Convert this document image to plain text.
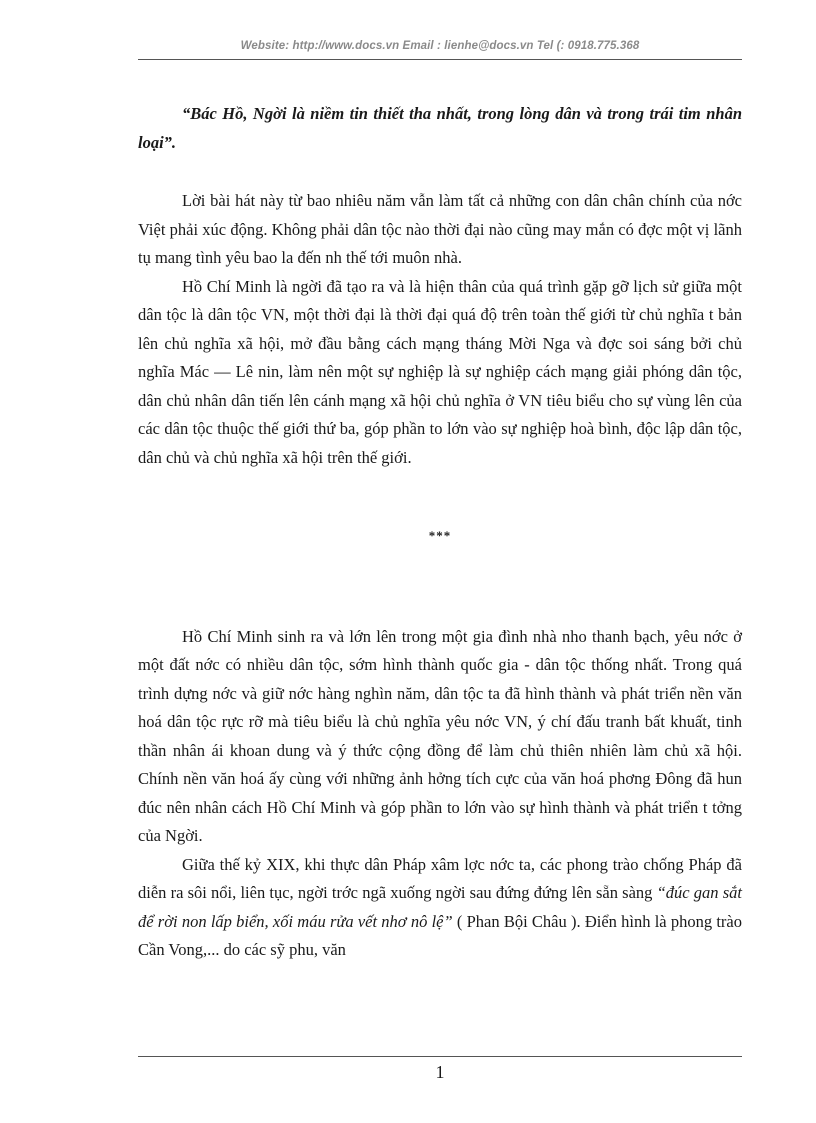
Website: http://www.docs.vn Email : lienhe@docs.vn Tel (: 0918.775.368

“Bác Hồ, Ngời là niềm tin thiết tha nhất, trong lòng dân và trong trái tim nhân loại”.

Lời bài hát này từ bao nhiêu năm vẫn làm tất cả những con dân chân chính của nớc Việt phải xúc động. Không phải dân tộc nào thời đại nào cũng may mắn có đợc một vị lãnh tụ mang tình yêu bao la đến nh thế tới muôn nhà.

Hồ Chí Minh là ngời đã tạo ra và là hiện thân của quá trình gặp gỡ lịch sử giữa một dân tộc là dân tộc VN, một thời đại là thời đại quá độ trên toàn thế giới từ chủ nghĩa t bản lên chủ nghĩa xã hội, mở đầu bằng cách mạng tháng Mời Nga và đợc soi sáng bởi chủ nghĩa Mác — Lê nin, làm nên một sự nghiệp là sự nghiệp cách mạng giải phóng dân tộc, dân chủ nhân dân tiến lên cánh mạng xã hội chủ nghĩa ở VN tiêu biểu cho sự vùng lên của các dân tộc thuộc thế giới thứ ba, góp phần to lớn vào sự nghiệp hoà bình, độc lập dân tộc, dân chủ và chủ nghĩa xã hội trên thế giới.

***

Hồ Chí Minh sinh ra và lớn lên trong một gia đình nhà nho thanh bạch, yêu nớc ở một đất nớc có nhiều dân tộc, sớm hình thành quốc gia - dân tộc thống nhất. Trong quá trình dựng nớc và giữ nớc hàng nghìn năm, dân tộc ta đã hình thành và phát triển nền văn hoá dân tộc rực rỡ mà tiêu biểu là chủ nghĩa yêu nớc VN, ý chí đấu tranh bất khuất, tinh thần nhân ái khoan dung và ý thức cộng đồng để làm chủ thiên nhiên làm chủ xã hội. Chính nền văn hoá ấy cùng với những ảnh hởng tích cực của văn hoá phơng Đông đã hun đúc nên nhân cách Hồ Chí Minh và góp phần to lớn vào sự hình thành và phát triển t tởng của Ngời.

Giữa thế kỷ XIX, khi thực dân Pháp xâm lợc nớc ta, các phong trào chống Pháp đã diễn ra sôi nổi, liên tục, ngời trớc ngã xuống ngời sau đứng đứng lên sẵn sàng “đúc gan sắt để rời non lấp biển, xối máu rửa vết nhơ nô lệ” ( Phan Bội Châu ). Điển hình là phong trào Cần Vong,... do các sỹ phu, văn

1
